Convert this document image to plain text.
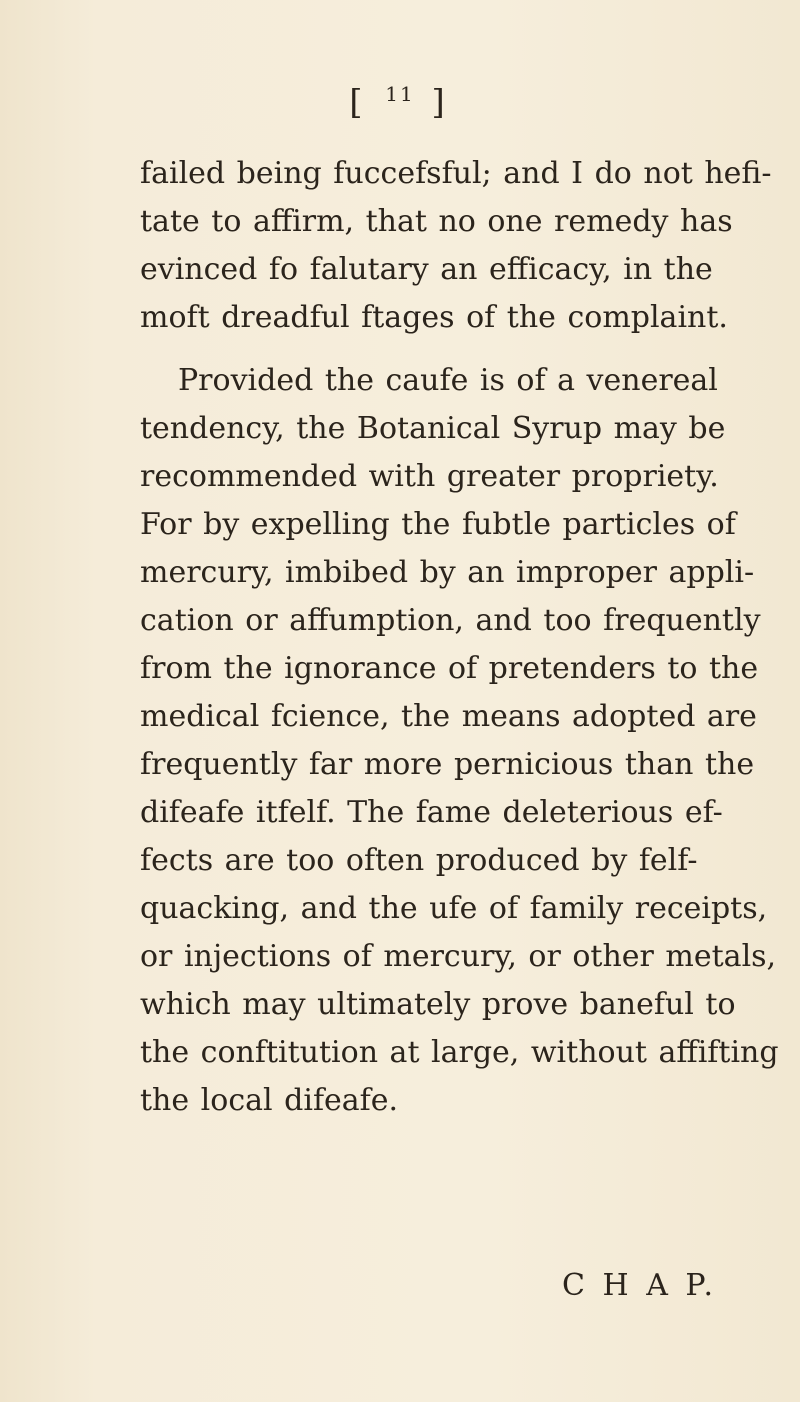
[ $^{11}$ ]
failed being fuccefsful; and I do not hefi-
tate to affirm, that no one remedy has
evinced fo falutary an efficacy, in the
moft dreadful ftages of the complaint.
Provided the caufe is of a venereal
tendency, the Botanical Syrup may be
recommended with greater propriety.
For by expelling the fubtle particles of
mercury, imbibed by an improper appli-
cation or affumption, and too frequently
from the ignorance of pretenders to the
medical fcience, the means adopted are
frequently far more pernicious than the
difeafe itfelf. The fame deleterious ef-
fects are too often produced by felf-
quacking, and the ufe of family receipts,
or injections of mercury, or other metals,
which may ultimately prove baneful to
the conftitution at large, without affifting
the local difeafe.
C H A P.
